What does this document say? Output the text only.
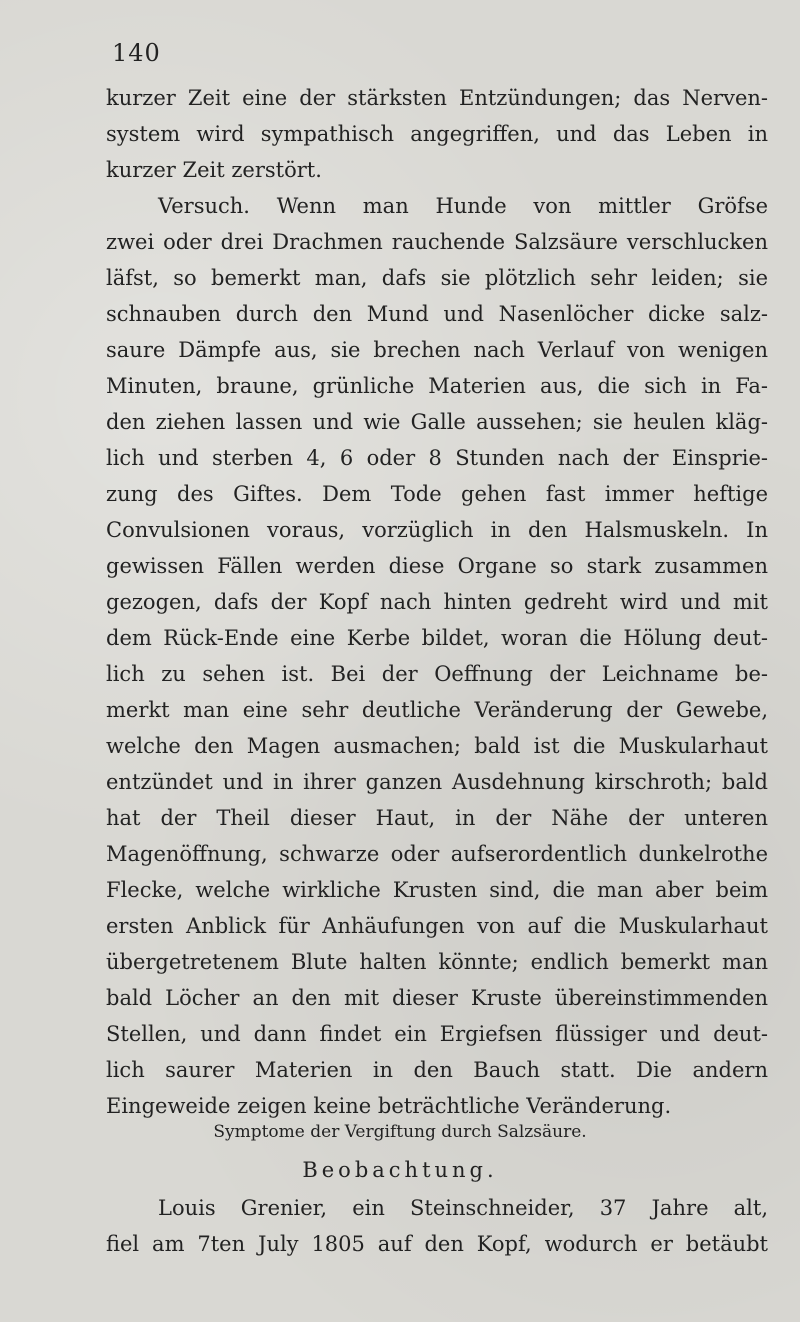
140
kurzer Zeit eine der stärksten Entzündungen; das Nerven-
system wird sympathisch angegriffen, und das Leben in
kurzer Zeit zerstört.
Versuch. Wenn man Hunde von mittler Gröfse
zwei oder drei Drachmen rauchende Salzsäure verschlucken
läfst, so bemerkt man, dafs sie plötzlich sehr leiden; sie
schnauben durch den Mund und Nasenlöcher dicke salz-
saure Dämpfe aus, sie brechen nach Verlauf von wenigen
Minuten, braune, grünliche Materien aus, die sich in Fa-
den ziehen lassen und wie Galle aussehen; sie heulen kläg-
lich und sterben 4, 6 oder 8 Stunden nach der Einsprie-
zung des Giftes. Dem Tode gehen fast immer heftige
Convulsionen voraus, vorzüglich in den Halsmuskeln. In
gewissen Fällen werden diese Organe so stark zusammen
gezogen, dafs der Kopf nach hinten gedreht wird und mit
dem Rück-Ende eine Kerbe bildet, woran die Hölung deut-
lich zu sehen ist. Bei der Oeffnung der Leichname be-
merkt man eine sehr deutliche Veränderung der Gewebe,
welche den Magen ausmachen; bald ist die Muskularhaut
entzündet und in ihrer ganzen Ausdehnung kirschroth; bald
hat der Theil dieser Haut, in der Nähe der unteren
Magenöffnung, schwarze oder aufserordentlich dunkelrothe
Flecke, welche wirkliche Krusten sind, die man aber beim
ersten Anblick für Anhäufungen von auf die Muskularhaut
übergetretenem Blute halten könnte; endlich bemerkt man
bald Löcher an den mit dieser Kruste übereinstimmenden
Stellen, und dann findet ein Ergiefsen flüssiger und deut-
lich saurer Materien in den Bauch statt. Die andern
Eingeweide zeigen keine beträchtliche Veränderung.
Symptome der Vergiftung durch Salzsäure.
Beobachtung.
Louis Grenier, ein Steinschneider, 37 Jahre alt,
fiel am 7ten July 1805 auf den Kopf, wodurch er betäubt
